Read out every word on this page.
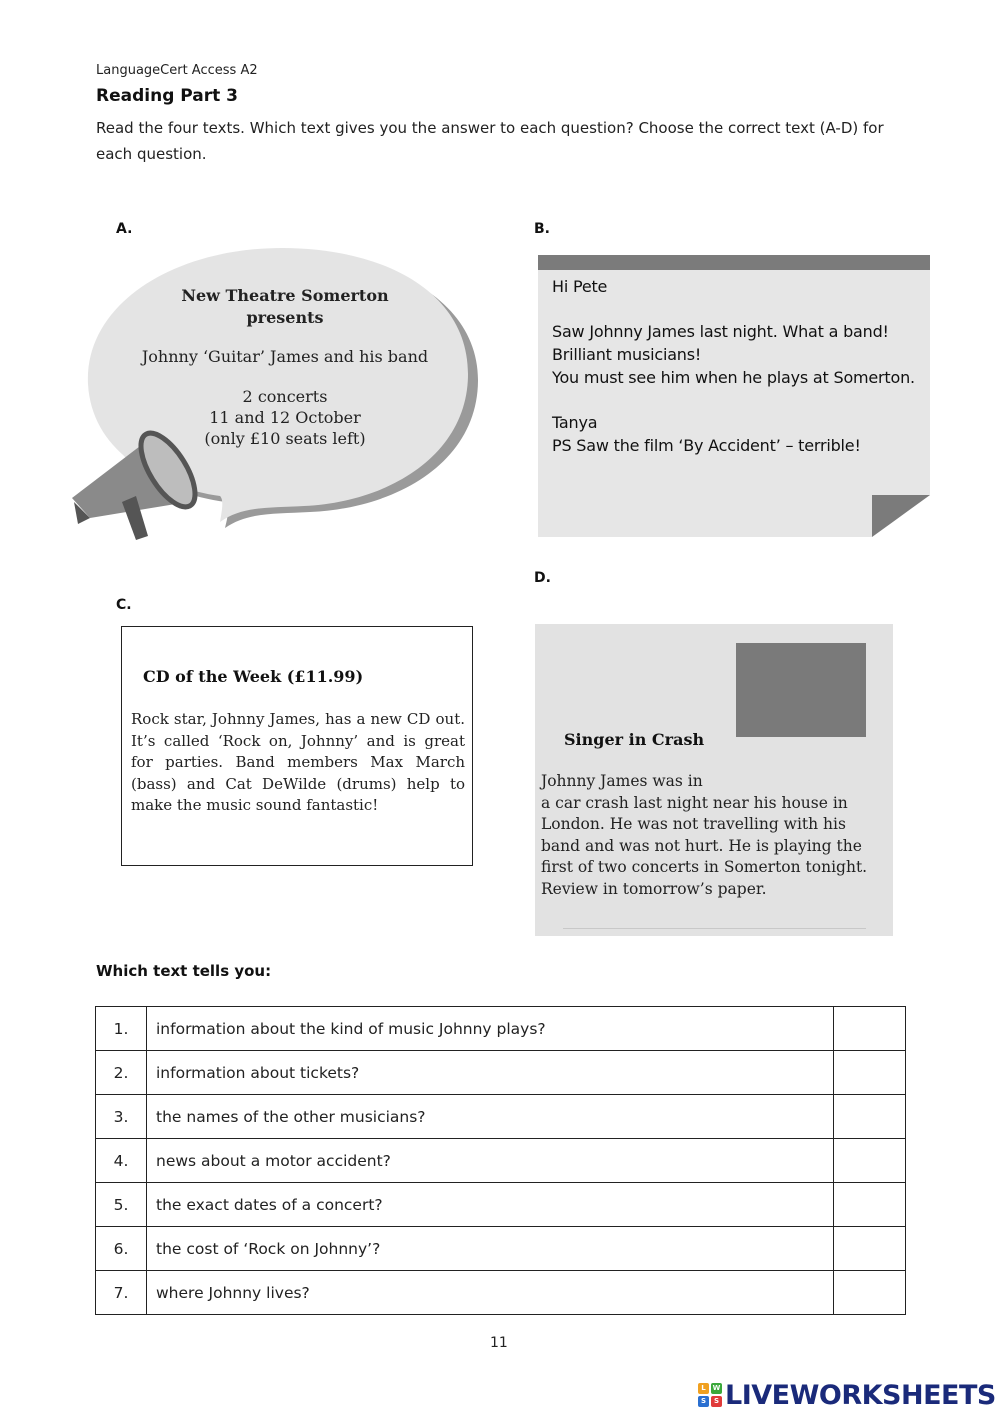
LanguageCert Access A2
Reading Part 3
Read the four texts. Which text gives you the answer to each question? Choose the correct text (A-D) for each question.
A.

New Theatre Somerton

presents

Johnny ‘Guitar’ James and his band

2 concerts

11 and 12 October

(only £10 seats left)

B.

Hi Pete

Saw Johnny James last night. What a band!

Brilliant musicians!

You must see him when he plays at Somerton.

Tanya

PS Saw the film ‘By Accident’ – terrible!

C.
CD of the Week (£11.99)
Rock star, Johnny James, has a new CD out. It’s called ‘Rock on, Johnny’ and is great for parties. Band members Max March (bass) and Cat DeWilde (drums) help to make the music sound fantastic!
D.
Singer in Crash
Johnny James was in
a car crash last night near his house in London. He was not travelling with his band and was not hurt. He is playing the first of two concerts in Somerton tonight. Review in tomorrow’s paper.
Which text tells you:
1.	information about the kind of music Johnny plays?	
2.	information about tickets?	
3.	the names of the other musicians?	
4.	news about a motor accident?	
5.	the exact dates of a concert?	
6.	the cost of ‘Rock on Johnny’?	
7.	where Johnny lives?	
11
L W
S	S LIVEWORKSHEETS
